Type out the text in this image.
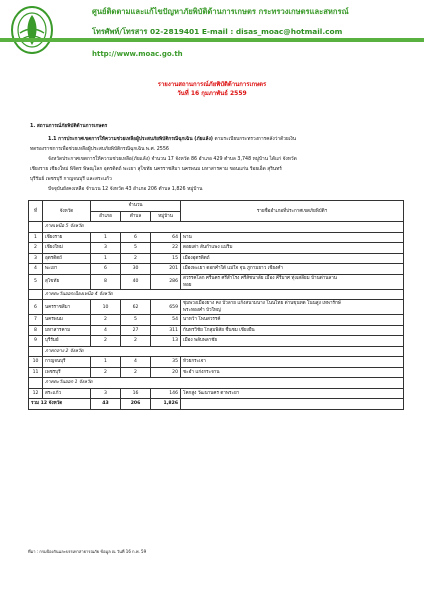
ศูนย์ติดตามและแก้ไขปัญหาภัยพิบัติด้านการเกษตร กระทรวงเกษตรและสหกรณ์
โทรศัพท์/โทรสาร 02-2819401 E-mail : disas_moac@hotmail.com
http://www.moac.go.th
รายงานสถานการณ์ภัยพิบัติด้านการเกษตร
วันที่ 16 กุมภาพันธ์ 2559
1. สถานการณ์ภัยพิบัติด้านการเกษตร
1.1 การประกาศเขตการให้ความช่วยเหลือผู้ประสบภัยพิบัติกรณีฉุกเฉิน (ภัยแล้ง) ตามระเบียบกระทรวงการคลังว่าด้วยเงิน
ทดรองราชการเพื่อช่วยเหลือผู้ประสบภัยพิบัติกรณีฉุกเฉิน พ.ศ. 2556
จังหวัดประกาศเขตการให้ความช่วยเหลือ(ภัยแล้ง) จำนวน 17 จังหวัด 86 อำเภอ 429 ตำบล 3,748 หมู่บ้าน ได้แก่ จังหวัด
เชียงราย เชียงใหม่ พิจิตร พิษณุโลก อุตรดิตถ์ พะเยา สุโขทัย นครราชสีมา นครพนม มหาสารคาม ขอนแก่น ร้อยเอ็ด สุรินทร์
บุรีรัมย์ เพชรบุรี กาญจนบุรี และสระแก้ว
ปัจจุบันยังคงเหลือ จำนวน 12 จังหวัด 43 อำเภอ 206 ตำบล 1,826 หมู่บ้าน
ที่	จังหวัด	จำนวน			รายชื่ออำเภอที่ประกาศเขตภัยพิบัติฯ
		อำเภอ	ตำบล	หมู่บ้าน	
	ภาคเหนือ 5 จังหวัด				
1	เชียงราย	1	6	64	พาน

2	เชียงใหม่	3	5	22	ดอยเต่า สันกำแพง แม่ริม

3	อุตรดิตถ์	1	2	15	เมืองอุตรดิตถ์

4	พะเยา	6	30	201	เมืองพะเยา ดอกคำใต้ แม่ใจ จุน ภูกามยาว เชียงคำ

5	สุโขทัย	8	40	286	สวรรคโลก ศรีนคร ศรีสำโรง ศรีสัชนาลัย เมือง คีรีมาศ ทุ่งเสลี่ยม บ้านด่านลาน
หอย

	ภาคตะวันออกเฉียงเหนือ 4 จังหวัด				
6	นครราชสีมา	10	62	659	ชุมพวงเมืองยาง คง บัวลาย แก้งสนามนาง โนนไทย ด่านขุนทด โนนสูง เทพารักษ์
พระทองคำ บัวใหญ่

7	นครพนม	2	5	54	นาหว้า โพนสวรรค์

8	มหาสารคาม	4	27	311	กันทรวิชัย โกสุมพิสัย ชื่นชม เชียงยืน

9	บุรีรัมย์	2	2	13	เมือง พลับพลาชัย

	ภาคกลาง 2 จังหวัด				
10	กาญจนบุรี	1	4	35	ห้วยกระเจา

11	เพชรบุรี	2	2	20	ชะอำ แก่งกระจาน

	ภาคตะวันออก 1 จังหวัด				
12	สระแก้ว	3	16	146	โคกสูง วัฒนานคร ตาพระยา

รวม 12 จังหวัด		43	206	1,826	
ที่มา : กรมป้องกันและบรรเทาสาธารณภัย ข้อมูล ณ วันที่ 16 ก.พ. 59
